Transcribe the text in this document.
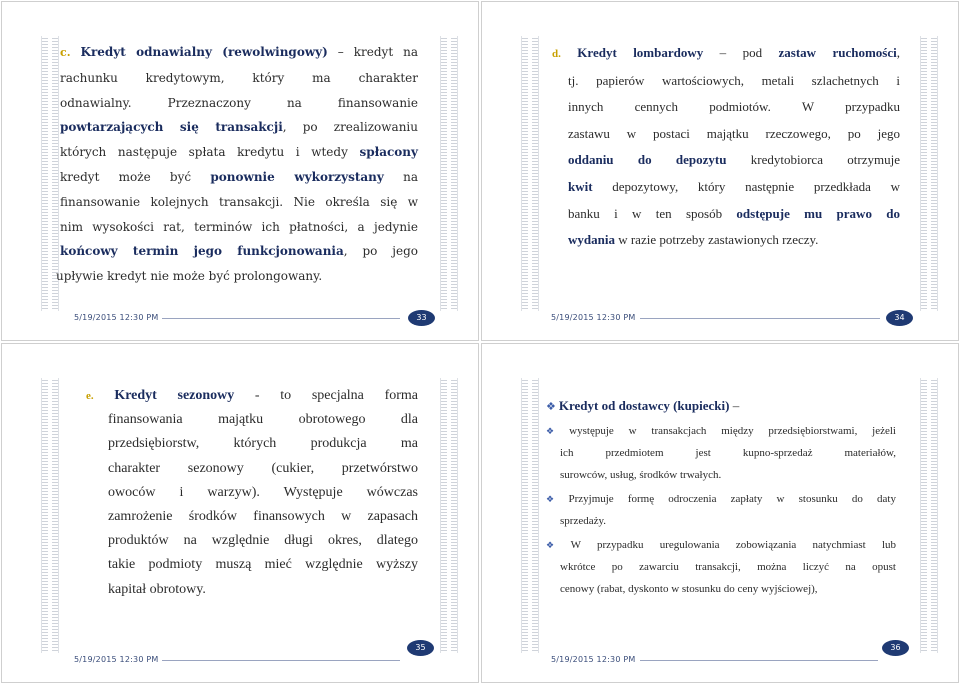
c. Kredyt odnawialny (rewolwingowy) – kredyt na
rachunku kredytowym, który ma charakter
odnawialny. Przeznaczony na finansowanie
powtarzających się transakcji, po zrealizowaniu
których następuje spłata kredytu i wtedy spłacony
kredyt może być ponownie wykorzystany na
finansowanie kolejnych transakcji. Nie określa się w
nim wysokości rat, terminów ich płatności, a jedynie
końcowy termin jego funkcjonowania, po jego
upływie kredyt nie może być prolongowany.
5/19/2015 12:30 PM	33
d. Kredyt lombardowy – pod zastaw ruchomości,
tj. papierów wartościowych, metali szlachetnych i
innych cennych podmiotów. W przypadku
zastawu w postaci majątku rzeczowego, po jego
oddaniu do depozytu kredytobiorca otrzymuje
kwit depozytowy, który następnie przedkłada w
banku i w ten sposób odstępuje mu prawo do
wydania w razie potrzeby zastawionych rzeczy.
5/19/2015 12:30 PM	34
e. Kredyt sezonowy - to specjalna forma
finansowania majątku obrotowego dla
przedsiębiorstw, których produkcja ma
charakter sezonowy (cukier, przetwórstwo
owoców i warzyw). Występuje wówczas
zamrożenie środków finansowych w zapasach
produktów na względnie długi okres, dlatego
takie podmioty muszą mieć względnie wyższy
kapitał obrotowy.
5/19/2015 12:30 PM
35
❖ Kredyt od dostawcy (kupiecki) –
❖ występuje w transakcjach między przedsiębiorstwami, jeżeli
ich przedmiotem jest kupno-sprzedaż materiałów,
surowców, usług, środków trwałych.
❖ Przyjmuje formę odroczenia zapłaty w stosunku do daty
sprzedaży.
❖ W przypadku uregulowania zobowiązania natychmiast lub
wkrótce po zawarciu transakcji, można liczyć na opust
cenowy (rabat, dyskonto w stosunku do ceny wyjściowej),
5/19/2015 12:30 PM
36
